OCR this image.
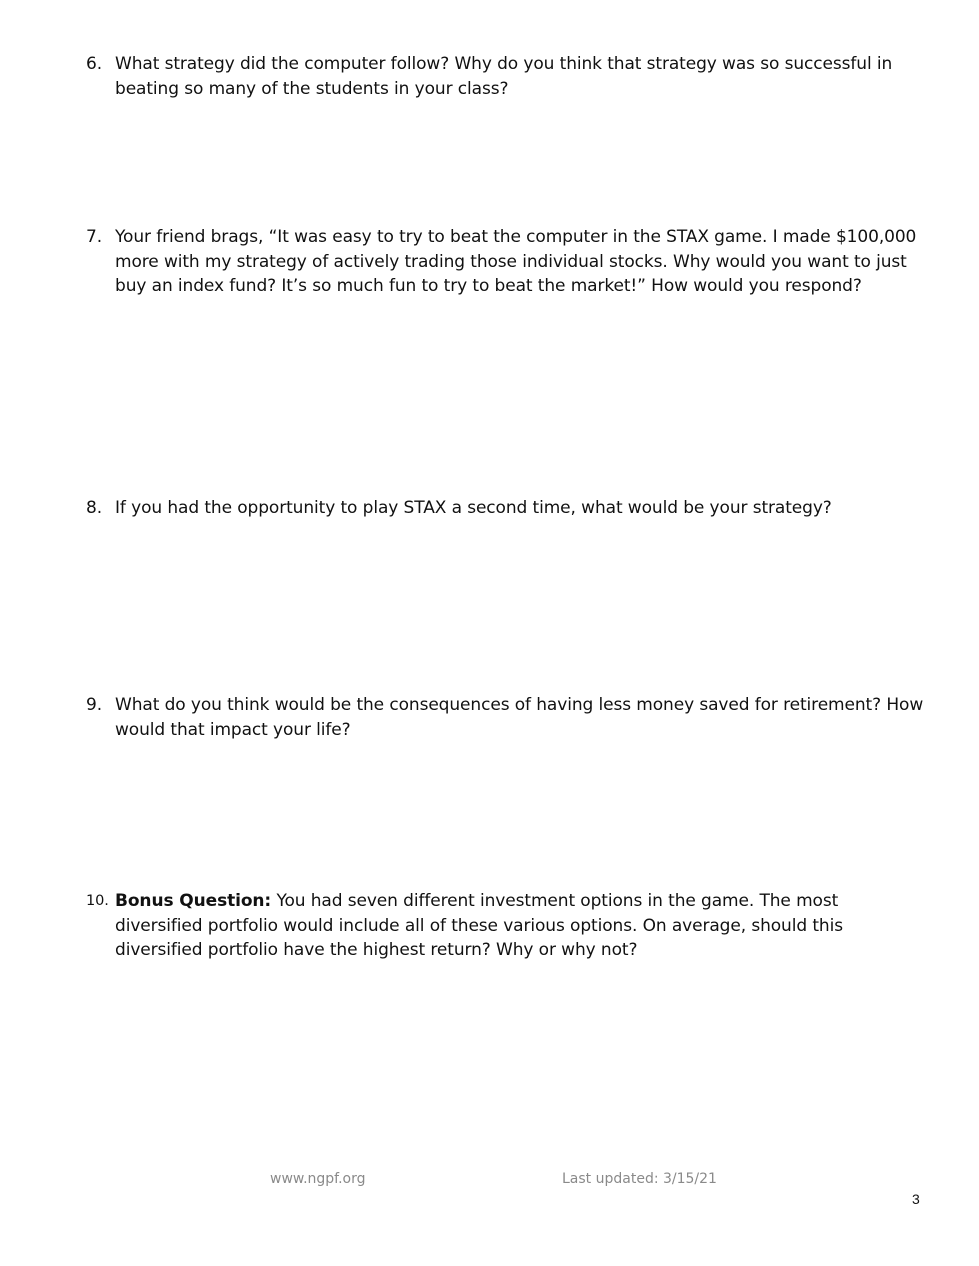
6. What strategy did the computer follow? Why do you think that strategy was so successful in beating so many of the students in your class?
7. Your friend brags, “It was easy to try to beat the computer in the STAX game. I made $100,000 more with my strategy of actively trading those individual stocks. Why would you want to just buy an index fund? It’s so much fun to try to beat the market!” How would you respond?
8. If you had the opportunity to play STAX a second time, what would be your strategy?
9. What do you think would be the consequences of having less money saved for retirement? How would that impact your life?
10. Bonus Question: You had seven different investment options in the game. The most diversified portfolio would include all of these various options. On average, should this diversified portfolio have the highest return? Why or why not?
www.ngpf.org	Last updated: 3/15/21
3
